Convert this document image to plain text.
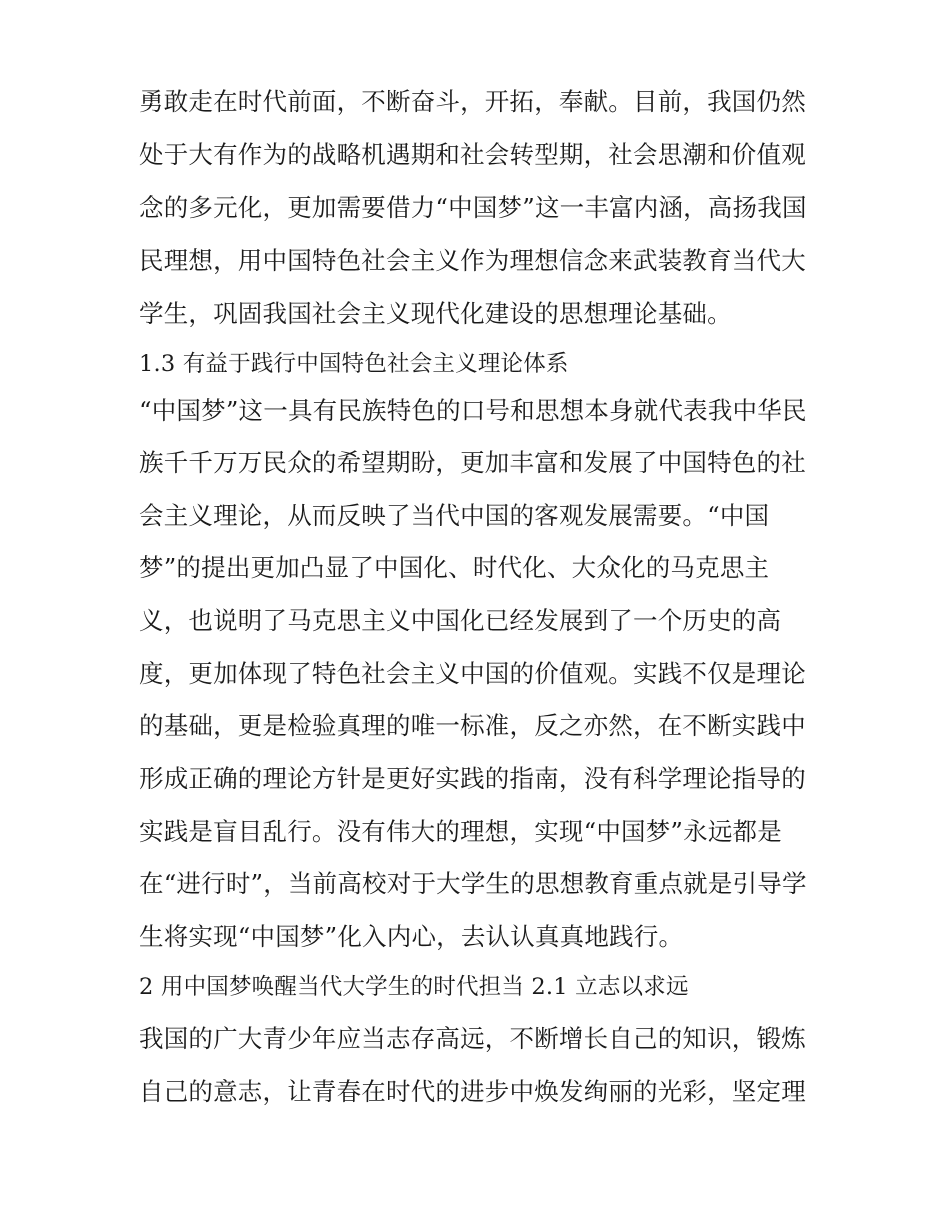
勇敢走在时代前面，不断奋斗，开拓，奉献。目前，我国仍然
处于大有作为的战略机遇期和社会转型期，社会思潮和价值观
念的多元化，更加需要借力“中国梦”这一丰富内涵，高扬我国
民理想，用中国特色社会主义作为理想信念来武装教育当代大
学生，巩固我国社会主义现代化建设的思想理论基础。
1.3 有益于践行中国特色社会主义理论体系
“中国梦”这一具有民族特色的口号和思想本身就代表我中华民
族千千万万民众的希望期盼，更加丰富和发展了中国特色的社
会主义理论，从而反映了当代中国的客观发展需要。“中国
梦”的提出更加凸显了中国化、时代化、大众化的马克思主
义，也说明了马克思主义中国化已经发展到了一个历史的高
度，更加体现了特色社会主义中国的价值观。实践不仅是理论
的基础，更是检验真理的唯一标准，反之亦然，在不断实践中
形成正确的理论方针是更好实践的指南，没有科学理论指导的
实践是盲目乱行。没有伟大的理想，实现“中国梦”永远都是
在“进行时”，当前高校对于大学生的思想教育重点就是引导学
生将实现“中国梦”化入内心，去认认真真地践行。
2 用中国梦唤醒当代大学生的时代担当 2.1 立志以求远
我国的广大青少年应当志存高远，不断增长自己的知识，锻炼
自己的意志，让青春在时代的进步中焕发绚丽的光彩，坚定理
